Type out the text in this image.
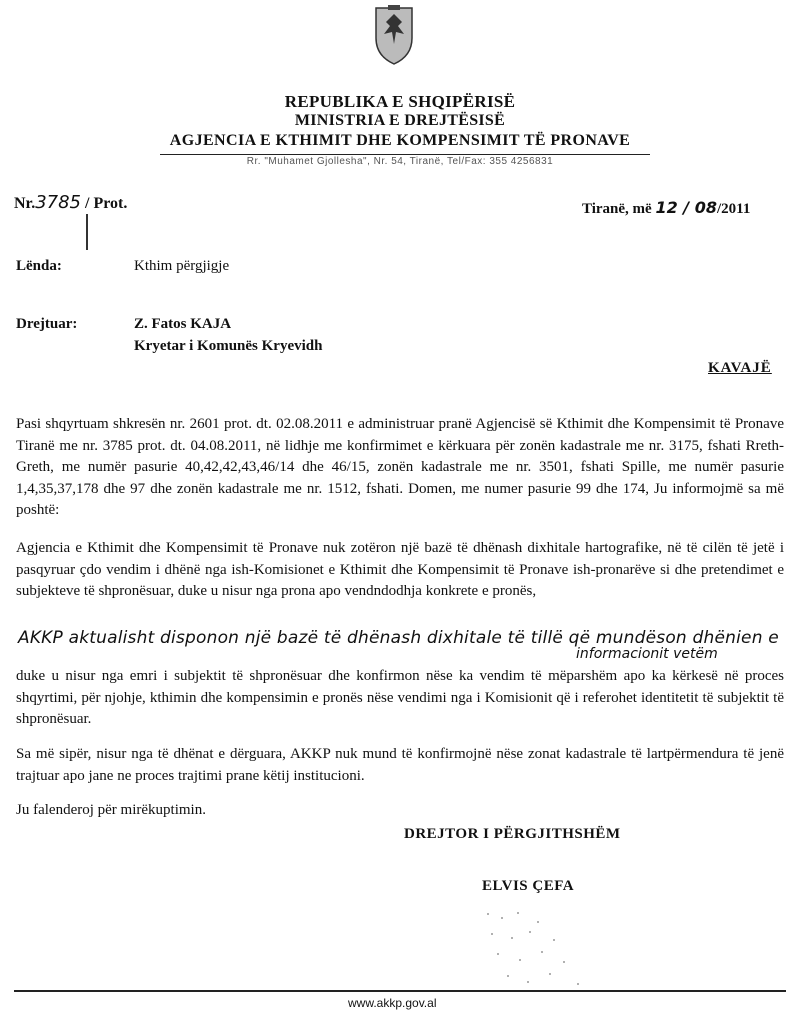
REPUBLIKA E SHQIPËRISË
MINISTRIA E DREJTËSISË
AGJENCIA E KTHIMIT DHE KOMPENSIMIT TË PRONAVE
Rr. "Muhamet Gjollesha", Nr. 54, Tiranë, Tel/Fax: 355 4256831
Nr.3785 / Prot.	Tiranë, më 12 / 08/2011
Lënda:	Kthim përgjigje
Drejtuar:	Z. Fatos KAJA
Kryetar i Komunës Kryevidh
KAVAJË
Pasi shqyrtuam shkresën nr. 2601 prot. dt. 02.08.2011 e administruar pranë Agjencisë së Kthimit dhe Kompensimit të Pronave Tiranë me nr. 3785 prot. dt. 04.08.2011, në lidhje me konfirmimet e kërkuara për zonën kadastrale me nr. 3175, fshati Rreth-Greth, me numër pasurie 40,42,42,43,46/14 dhe 46/15, zonën kadastrale me nr. 3501, fshati Spille, me numër pasurie 1,4,35,37,178 dhe 97 dhe zonën kadastrale me nr. 1512, fshati. Domen, me numer pasurie 99 dhe 174, Ju informojmë sa më poshtë:
Agjencia e Kthimit dhe Kompensimit të Pronave nuk zotëron një bazë të dhënash dixhitale hartografike, në të cilën të jetë i pasqyruar çdo vendim i dhënë nga ish-Komisionet e Kthimit dhe Kompensimit të Pronave ish-pronarëve si dhe pretendimet e subjekteve të shpronësuar, duke u nisur nga prona apo vendndodhja konkrete e pronës,
AKKP aktualisht disponon një bazë të dhënash dixhitale të tillë që mundëson dhënien e
informacionit vetëm
duke u nisur nga emri i subjektit të shpronësuar dhe konfirmon nëse ka vendim të mëparshëm apo ka kërkesë në proces shqyrtimi, për njohje, kthimin dhe kompensimin e pronës nëse vendimi nga i Komisionit që i referohet identitetit të subjektit të shpronësuar.
Sa më sipër, nisur nga të dhënat e dërguara, AKKP nuk mund të konfirmojnë nëse zonat kadastrale të lartpërmendura të jenë trajtuar apo jane ne proces trajtimi prane këtij institucioni.
Ju falenderoj për mirëkuptimin.
DREJTOR I PËRGJITHSHËM
ELVIS ÇEFA
www.akkp.gov.al
